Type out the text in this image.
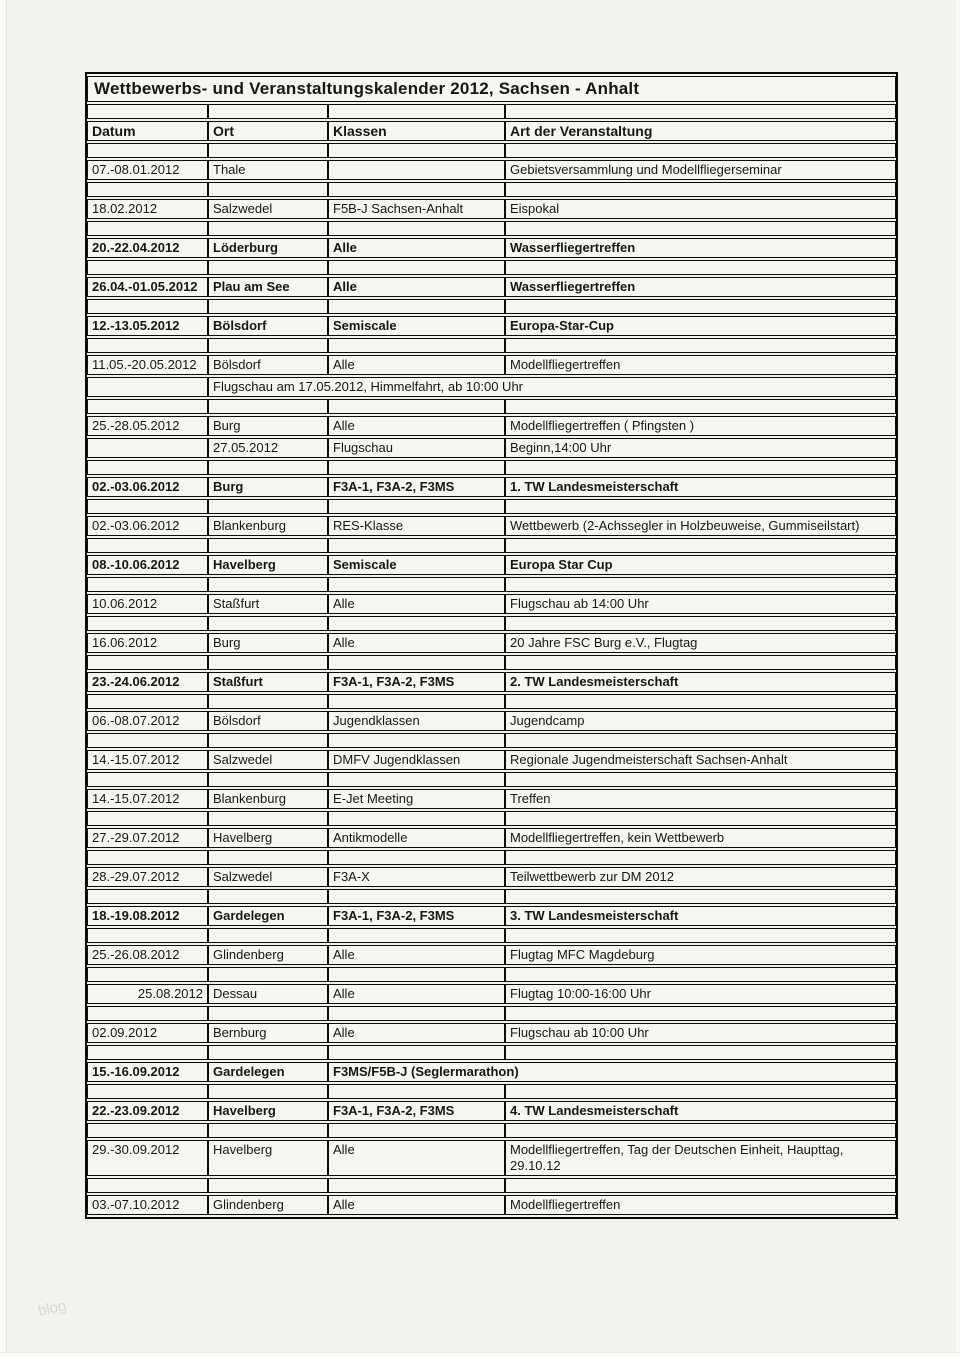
Wettbewerbs- und Veranstaltungskalender 2012, Sachsen - Anhalt			

Datum	Ort	Klassen	Art der Veranstaltung

07.-08.01.2012	Thale		Gebietsversammlung und Modellfliegerseminar

18.02.2012	Salzwedel	F5B-J Sachsen-Anhalt	Eispokal

20.-22.04.2012	Löderburg	Alle	Wasserfliegertreffen

26.04.-01.05.2012	Plau am See	Alle	Wasserfliegertreffen

12.-13.05.2012	Bölsdorf	Semiscale	Europa-Star-Cup

11.05.-20.05.2012	Bölsdorf	Alle	Modellfliegertreffen
	Flugschau am 17.05.2012, Himmelfahrt, ab 10:00 Uhr		

25.-28.05.2012	Burg	Alle	Modellfliegertreffen ( Pfingsten )
	27.05.2012	Flugschau	Beginn,14:00 Uhr

02.-03.06.2012	Burg	F3A-1, F3A-2, F3MS	1. TW Landesmeisterschaft

02.-03.06.2012	Blankenburg	RES-Klasse	Wettbewerb (2-Achssegler in Holzbeuweise, Gummiseilstart)

08.-10.06.2012	Havelberg	Semiscale	Europa Star Cup

10.06.2012	Staßfurt	Alle	Flugschau ab 14:00 Uhr

16.06.2012	Burg	Alle	20 Jahre FSC Burg e.V., Flugtag

23.-24.06.2012	Staßfurt	F3A-1, F3A-2, F3MS	2. TW Landesmeisterschaft

06.-08.07.2012	Bölsdorf	Jugendklassen	Jugendcamp

14.-15.07.2012	Salzwedel	DMFV Jugendklassen	Regionale Jugendmeisterschaft Sachsen-Anhalt

14.-15.07.2012	Blankenburg	E-Jet Meeting	Treffen

27.-29.07.2012	Havelberg	Antikmodelle	Modellfliegertreffen, kein Wettbewerb

28.-29.07.2012	Salzwedel	F3A-X	Teilwettbewerb zur DM 2012

18.-19.08.2012	Gardelegen	F3A-1, F3A-2, F3MS	3. TW Landesmeisterschaft

25.-26.08.2012	Glindenberg	Alle	Flugtag MFC Magdeburg

25.08.2012	Dessau	Alle	Flugtag 10:00-16:00 Uhr

02.09.2012	Bernburg	Alle	Flugschau ab 10:00 Uhr

15.-16.09.2012	Gardelegen	F3MS/F5B-J (Seglermarathon)	

22.-23.09.2012	Havelberg	F3A-1, F3A-2, F3MS	4. TW Landesmeisterschaft

29.-30.09.2012	Havelberg	Alle	Modellfliegertreffen, Tag der Deutschen Einheit, Haupttag, 29.10.12

03.-07.10.2012	Glindenberg	Alle	Modellfliegertreffen
blog
